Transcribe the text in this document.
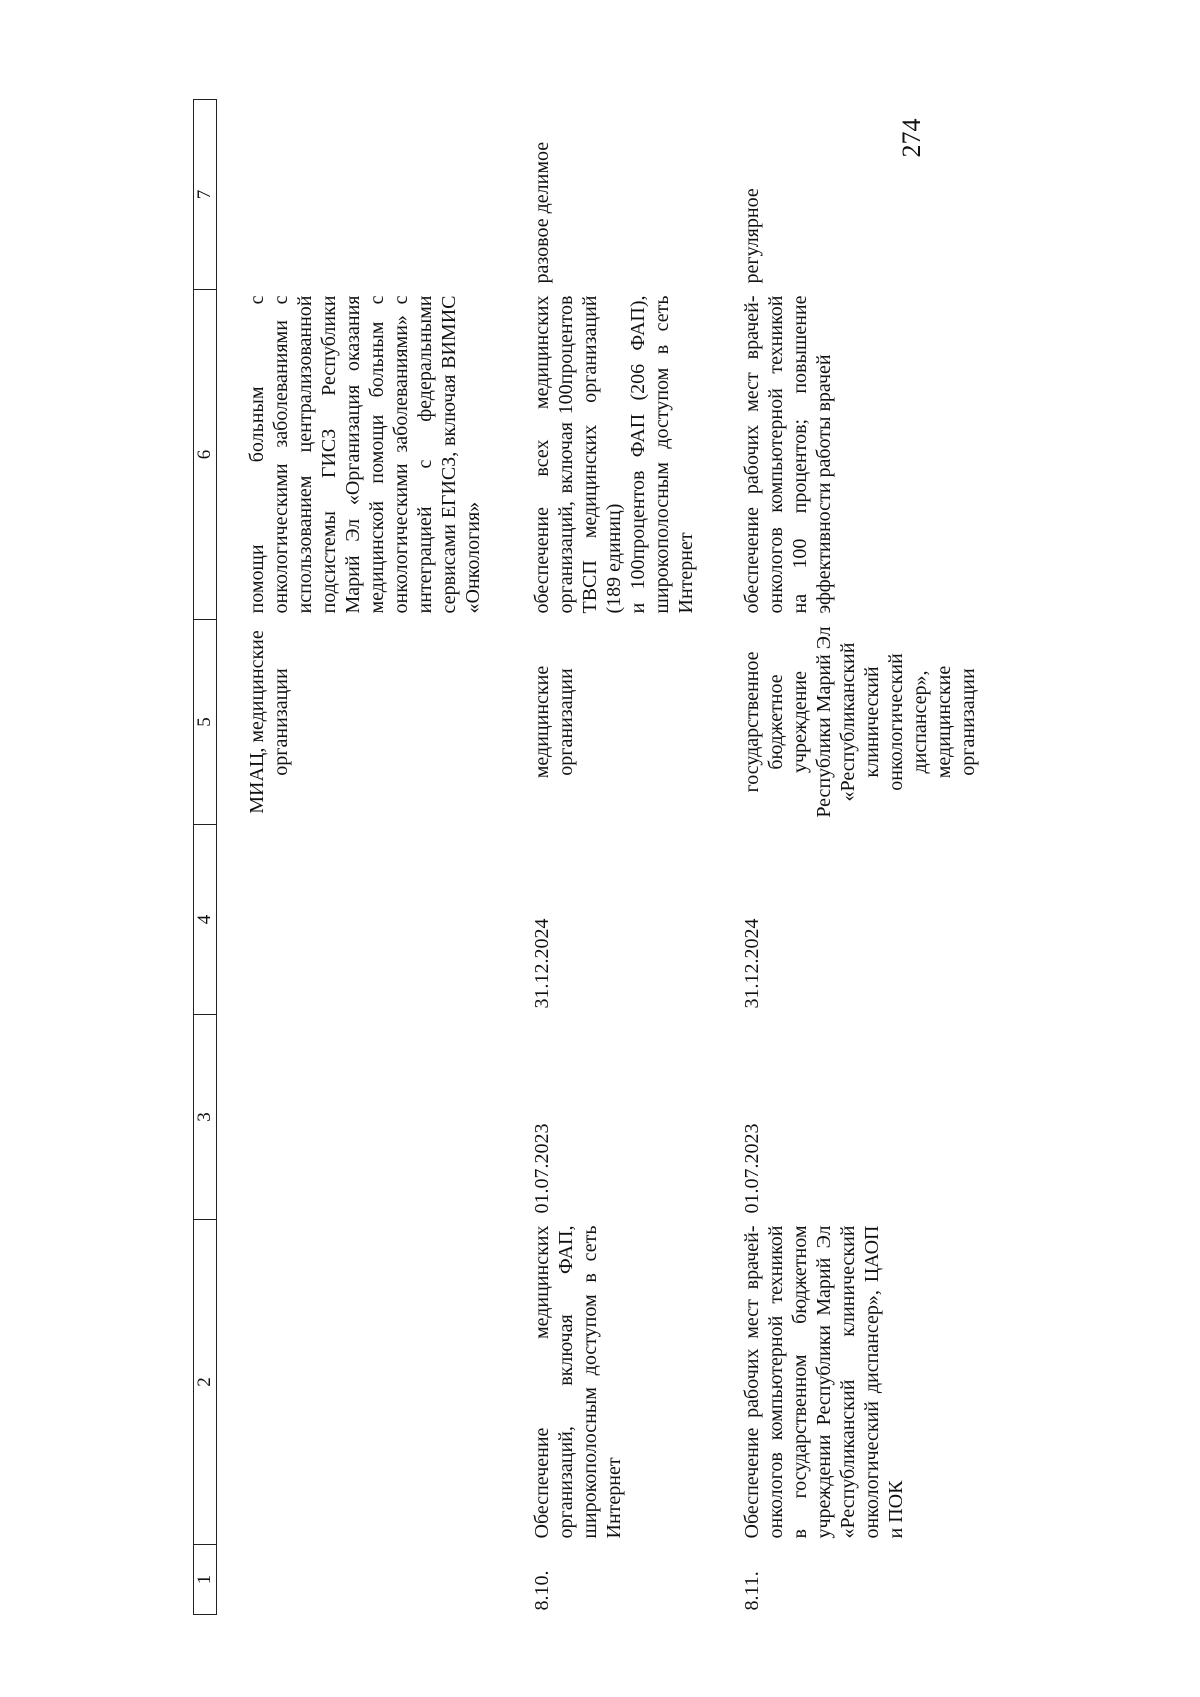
274
1	2	3	4	5	6	7
				МИАЦ, медицинские организации	помощи больным с онкологическими заболеваниями с использованием централизованной подсистемы ГИСЗ Республики Марий Эл «Организация оказания медицинской помощи больным с онкологическими заболеваниями» с интеграцией с федеральными сервисами ЕГИСЗ, включая ВИМИС «Онкология»	
8.10.	Обеспечение медицинских организаций, включая ФАП, широкополосным доступом в сеть Интернет	01.07.2023	31.12.2024	медицинские организации	обеспечение всех медицинских организаций, включая 100процентов ТВСП медицинских организаций (189 единиц) и 100процентов ФАП (206 ФАП), широкополосным доступом в сеть Интернет	разовое делимое
8.11.	Обеспечение рабочих мест врачей-онкологов компьютерной техникой в государственном бюджетном учреждении Республики Марий Эл «Республиканский клинический онкологический диспансер», ЦАОП и ПОК	01.07.2023	31.12.2024	государственное бюджетное учреждение Республики Марий Эл «Республиканский клинический онкологический диспансер», медицинские организации	обеспечение рабочих мест врачей-онкологов компьютерной техникой на 100 процентов; повышение эффективности работы врачей	регулярное
